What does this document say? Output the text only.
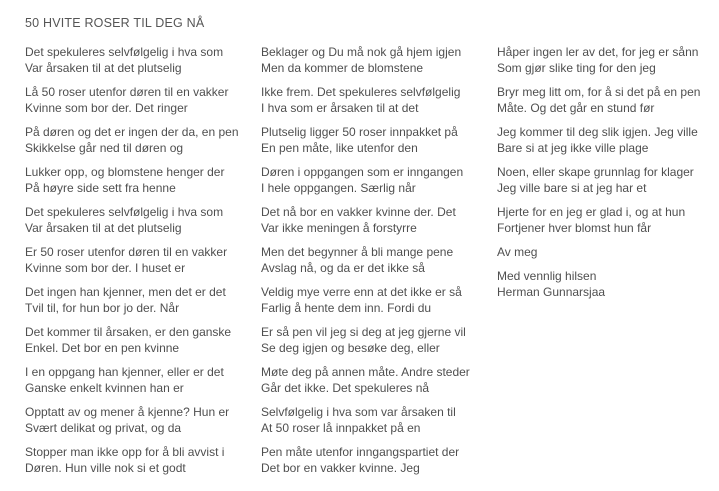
50 HVITE ROSER TIL DEG NÅ

Det spekuleres selvfølgelig i hva som

Var årsaken til at det plutselig

Lå 50 roser utenfor døren til en vakker

Kvinne som bor der. Det ringer

På døren og det er ingen der da, en pen

Skikkelse går ned til døren og

Lukker opp, og blomstene henger der

På høyre side sett fra henne

Det spekuleres selvfølgelig i hva som

Var årsaken til at det plutselig

Er 50 roser utenfor døren til en vakker

Kvinne som bor der. I huset er

Det ingen han kjenner, men det er det

Tvil til, for hun bor jo der. Når

Det kommer til årsaken, er den ganske

Enkel. Det bor en pen kvinne

I en oppgang han kjenner, eller er det

Ganske enkelt kvinnen han er

Opptatt av og mener å kjenne? Hun er

Svært delikat og privat, og da

Stopper man ikke opp for å bli avvist i

Døren. Hun ville nok si et godt

Beklager og Du må nok gå hjem igjen

Men da kommer de blomstene

Ikke frem. Det spekuleres selvfølgelig

I hva som er årsaken til at det

Plutselig ligger 50 roser innpakket på

En pen måte, like utenfor den

Døren i oppgangen som er inngangen

I hele oppgangen. Særlig når

Det nå bor en vakker kvinne der. Det

Var ikke meningen å forstyrre

Men det begynner å bli mange pene

Avslag nå, og da er det ikke så

Veldig mye verre enn at det ikke er så

Farlig å hente dem inn. Fordi du

Er så pen vil jeg si deg at jeg gjerne vil

Se deg igjen og besøke deg, eller

Møte deg på annen måte. Andre steder

Går det ikke. Det spekuleres nå

Selvfølgelig i hva som var årsaken til

At 50 roser lå innpakket på en

Pen måte utenfor inngangspartiet der

Det bor en vakker kvinne. Jeg

Håper ingen ler av det, for jeg er sånn

Som gjør slike ting for den jeg

Bryr meg litt om, for å si det på en pen

Måte. Og det går en stund før

Jeg kommer til deg slik igjen. Jeg ville

Bare si at jeg ikke ville plage

Noen, eller skape grunnlag for klager

Jeg ville bare si at jeg har et

Hjerte for en jeg er glad i, og at hun

Fortjener hver blomst hun får

Av meg

Med vennlig hilsen

Herman Gunnarsjaa
